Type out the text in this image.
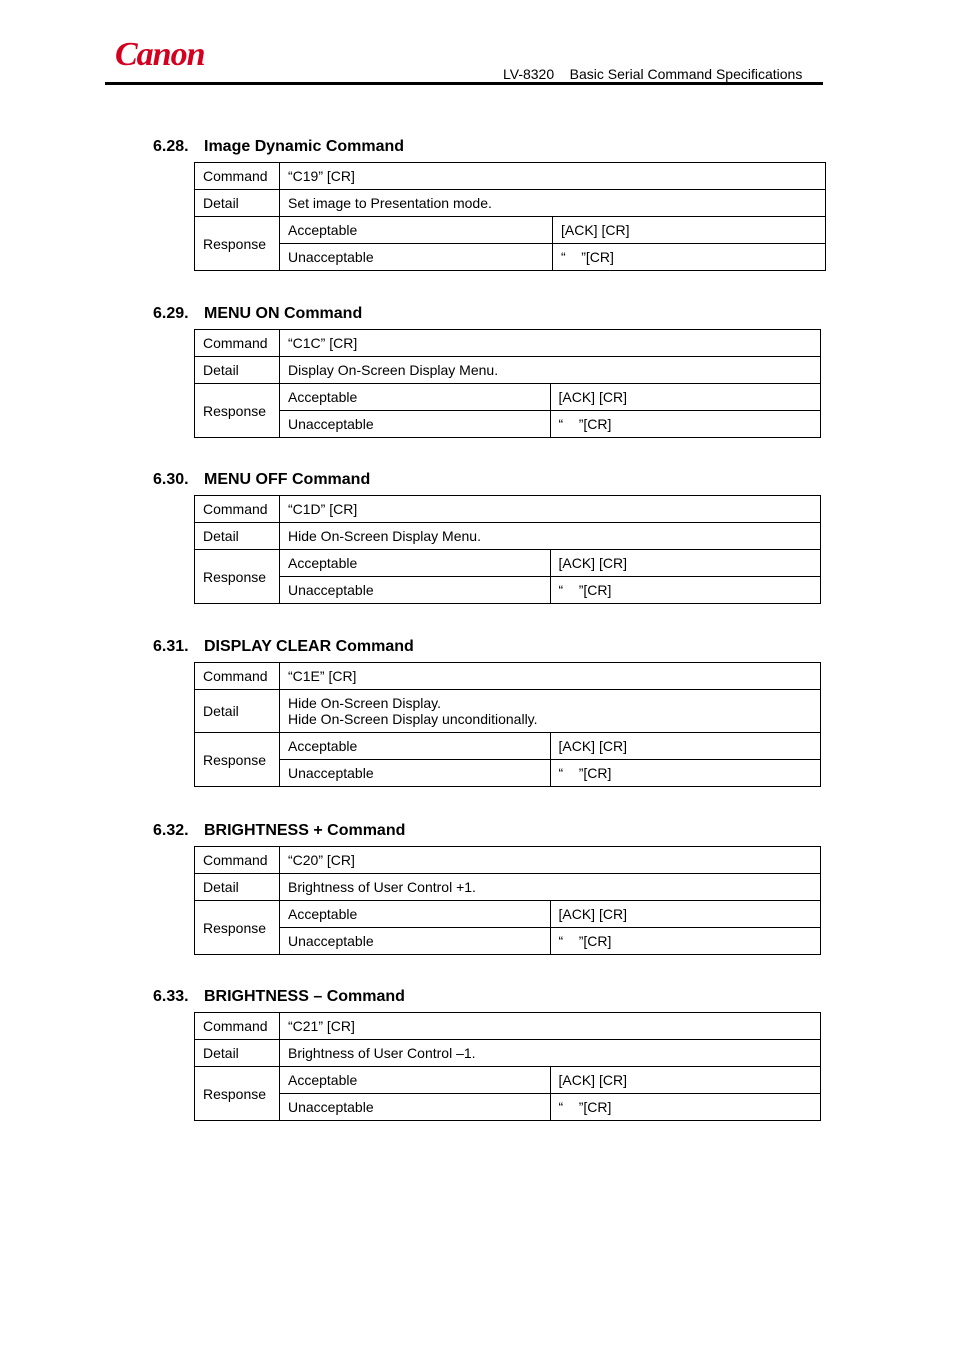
Canon
LV-8320    Basic Serial Command Specifications
6.28. Image Dynamic Command
Command	“C19” [CR]	
Detail	Set image to Presentation mode.	
Response	Acceptable	[ACK] [CR]
	Unacceptable	“    ”[CR]
6.29. MENU ON Command
Command	“C1C” [CR]	
Detail	Display On-Screen Display Menu.	
Response	Acceptable	[ACK] [CR]
	Unacceptable	“    ”[CR]
6.30. MENU OFF Command
Command	“C1D” [CR]	
Detail	Hide On-Screen Display Menu.	
Response	Acceptable	[ACK] [CR]
	Unacceptable	“    ”[CR]
6.31. DISPLAY CLEAR Command
Command	“C1E” [CR]	
Detail	Hide On-Screen Display.
Hide On-Screen Display unconditionally.	
Response	Acceptable	[ACK] [CR]
	Unacceptable	“    ”[CR]
6.32. BRIGHTNESS + Command
Command	“C20” [CR]	
Detail	Brightness of User Control +1.	
Response	Acceptable	[ACK] [CR]
	Unacceptable	“    ”[CR]
6.33. BRIGHTNESS – Command
Command	“C21” [CR]	
Detail	Brightness of User Control –1.	
Response	Acceptable	[ACK] [CR]
	Unacceptable	“    ”[CR]
